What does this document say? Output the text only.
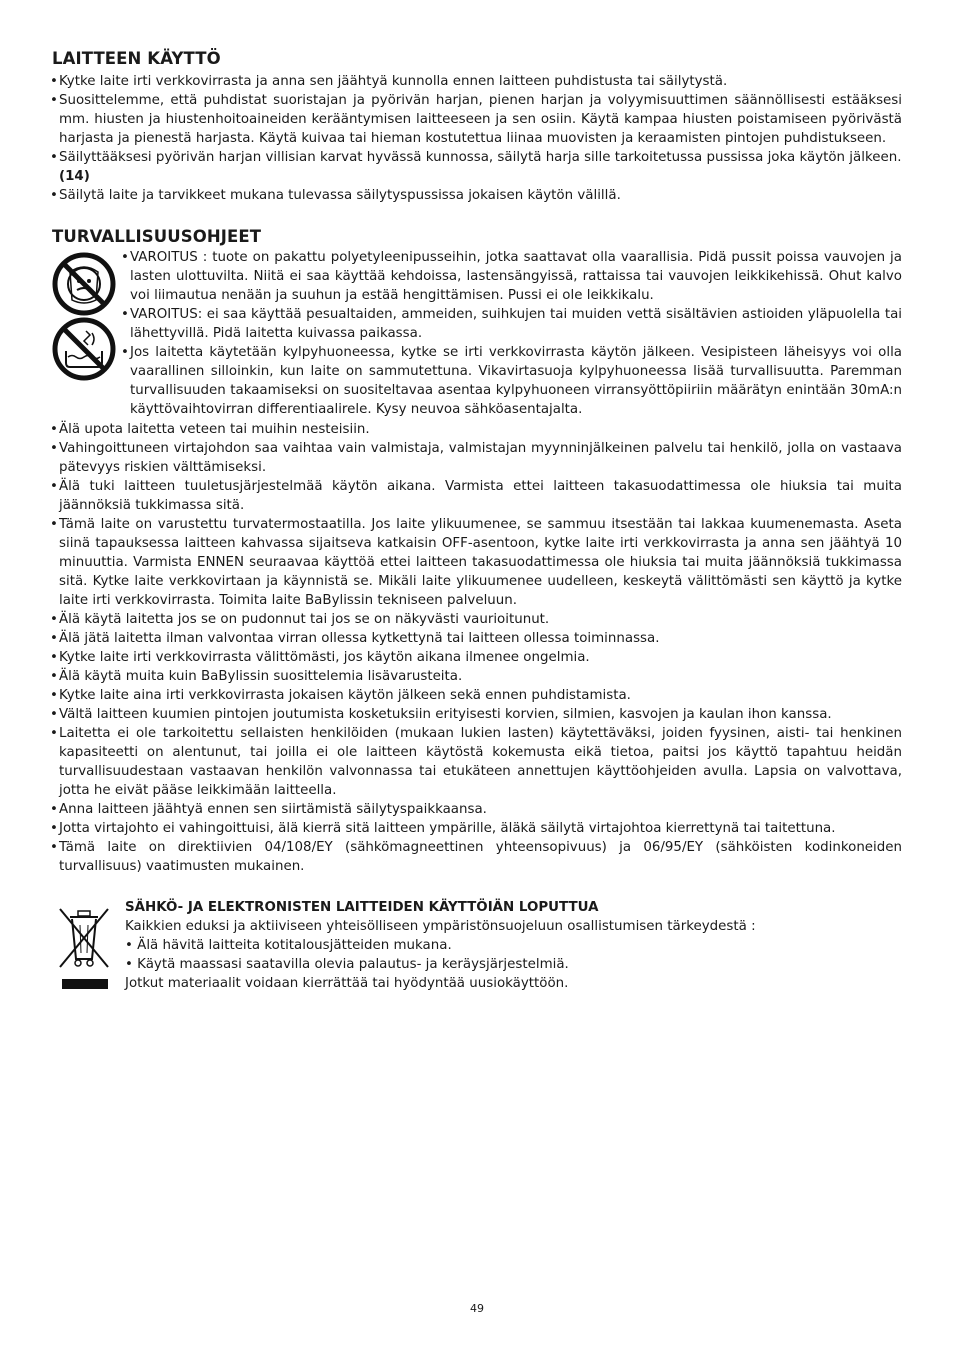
LAITTEEN KÄYTTÖ
• Kytke laite irti verkkovirrasta ja anna sen jäähtyä kunnolla ennen laitteen puhdistusta tai säilytystä.
• Suosittelemme, että puhdistat suoristajan ja pyörivän harjan, pienen harjan ja volyymisuuttimen säännöllisesti estääksesi mm. hiusten ja hiustenhoitoaineiden kerääntymisen laitteeseen ja sen osiin. Käytä kampaa hiusten poistamiseen pyörivästä harjasta ja pienestä harjasta. Käytä kuivaa tai hieman kostutettua liinaa muovisten ja keraamisten pintojen puhdistukseen.
• Säilyttääksesi pyörivän harjan villisian karvat hyvässä kunnossa, säilytä harja sille tarkoitetussa pussissa joka käytön jälkeen.
(14)
• Säilytä laite ja tarvikkeet mukana tulevassa säilytyspussissa jokaisen käytön välillä.
TURVALLISUUSOHJEET
• VAROITUS : tuote on pakattu polyetyleenipusseihin, jotka saattavat olla vaarallisia. Pidä pussit poissa vauvojen ja lasten ulottuvilta. Niitä ei saa käyttää kehdoissa, lastensängyissä, rattaissa tai vauvojen leikkikehissä. Ohut kalvo voi liimautua nenään ja suuhun ja estää hengittämisen. Pussi ei ole leikkikalu.
• VAROITUS: ei saa käyttää pesualtaiden, ammeiden, suihkujen tai muiden vettä sisältävien astioiden yläpuolella tai lähettyvillä. Pidä laitetta kuivassa paikassa.
• Jos laitetta käytetään kylpyhuoneessa, kytke se irti verkkovirrasta käytön jälkeen. Vesipisteen läheisyys voi olla vaarallinen silloinkin, kun laite on sammutettuna. Vikavirtasuoja kylpyhuoneessa lisää turvallisuutta. Paremman turvallisuuden takaamiseksi on suositeltavaa asentaa kylpyhuoneen virransyöttöpiiriin määrätyn enintään 30mA:n käyttövaihtovirran differentiaalirele. Kysy neuvoa sähköasentajalta.
• Älä upota laitetta veteen tai muihin nesteisiin.
• Vahingoittuneen virtajohdon saa vaihtaa vain valmistaja, valmistajan myynninjälkeinen palvelu tai henkilö, jolla on vastaava pätevyys riskien välttämiseksi.
• Älä tuki laitteen tuuletusjärjestelmää käytön aikana. Varmista ettei laitteen takasuodattimessa ole hiuksia tai muita jäännöksiä tukkimassa sitä.
• Tämä laite on varustettu turvatermostaatilla. Jos laite ylikuumenee, se sammuu itsestään tai lakkaa kuumenemasta. Aseta siinä tapauksessa laitteen kahvassa sijaitseva katkaisin OFF-asentoon, kytke laite irti verkkovirrasta ja anna sen jäähtyä 10 minuuttia. Varmista ENNEN seuraavaa käyttöä ettei laitteen takasuodattimessa ole hiuksia tai muita jäännöksiä tukkimassa sitä. Kytke laite verkkovirtaan ja käynnistä se. Mikäli laite ylikuumenee uudelleen, keskeytä välittömästi sen käyttö ja kytke laite irti verkkovirrasta. Toimita laite BaBylissin tekniseen palveluun.
• Älä käytä laitetta jos se on pudonnut tai jos se on näkyvästi vaurioitunut.
• Älä jätä laitetta ilman valvontaa virran ollessa kytkettynä tai laitteen ollessa toiminnassa.
• Kytke laite irti verkkovirrasta välittömästi, jos käytön aikana ilmenee ongelmia.
• Älä käytä muita kuin BaBylissin suosittelemia lisävarusteita.
• Kytke laite aina irti verkkovirrasta jokaisen käytön jälkeen sekä ennen puhdistamista.
• Vältä laitteen kuumien pintojen joutumista kosketuksiin erityisesti korvien, silmien, kasvojen ja kaulan ihon kanssa.
• Laitetta ei ole tarkoitettu sellaisten henkilöiden (mukaan lukien lasten) käytettäväksi, joiden fyysinen, aisti- tai henkinen kapasiteetti on alentunut, tai joilla ei ole laitteen käytöstä kokemusta eikä tietoa, paitsi jos käyttö tapahtuu heidän turvallisuudestaan vastaavan henkilön valvonnassa tai etukäteen annettujen käyttöohjeiden avulla. Lapsia on valvottava, jotta he eivät pääse leikkimään laitteella.
• Anna laitteen jäähtyä ennen sen siirtämistä säilytyspaikkaansa.
• Jotta virtajohto ei vahingoittuisi, älä kierrä sitä laitteen ympärille, äläkä säilytä virtajohtoa kierrettynä tai taitettuna.
• Tämä laite on direktiivien 04/108/EY (sähkömagneettinen yhteensopivuus) ja 06/95/EY (sähköisten kodinkoneiden turvallisuus) vaatimusten mukainen.
SÄHKÖ- JA ELEKTRONISTEN LAITTEIDEN KÄYTTÖIÄN LOPUTTUA
Kaikkien eduksi ja aktiiviseen yhteisölliseen ympäristönsuojeluun osallistumisen tärkeydestä :
• Älä hävitä laitteita kotitalousjätteiden mukana.
• Käytä maassasi saatavilla olevia palautus- ja keräysjärjestelmiä.
Jotkut materiaalit voidaan kierrättää tai hyödyntää uusiokäyttöön.
49
